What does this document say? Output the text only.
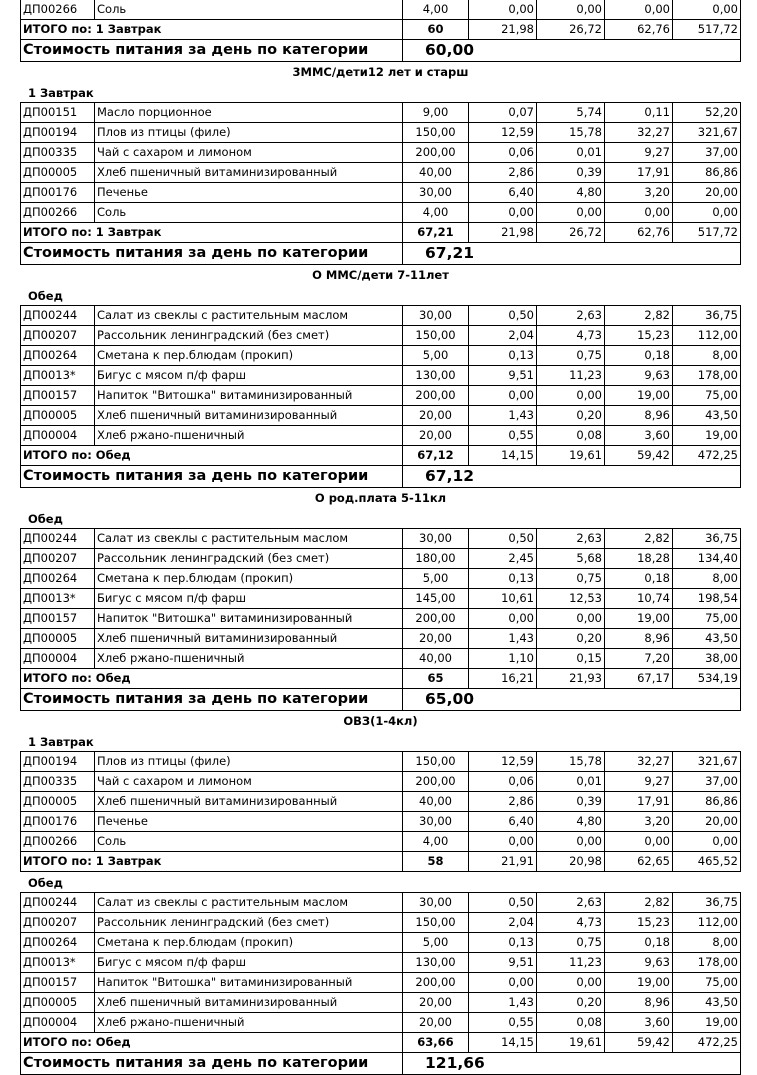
ДП00266	Соль	4,00	0,00	0,00	0,00	0,00
ИТОГО по: 1 Завтрак		60	21,98	26,72	62,76	517,72
Стоимость питания за день по категории		60,00				
3ММС/дети12 лет и старш
1 Завтрак
ДП00151	Масло порционное	9,00	0,07	5,74	0,11	52,20
ДП00194	Плов из птицы (филе)	150,00	12,59	15,78	32,27	321,67
ДП00335	Чай с сахаром и лимоном	200,00	0,06	0,01	9,27	37,00
ДП00005	Хлеб пшеничный витаминизированный	40,00	2,86	0,39	17,91	86,86
ДП00176	Печенье	30,00	6,40	4,80	3,20	20,00
ДП00266	Соль	4,00	0,00	0,00	0,00	0,00
ИТОГО по: 1 Завтрак		67,21	21,98	26,72	62,76	517,72
Стоимость питания за день по категории		67,21				
О ММС/дети 7-11лет
Обед
ДП00244	Салат из свеклы с растительным маслом	30,00	0,50	2,63	2,82	36,75
ДП00207	Рассольник ленинградский (без смет)	150,00	2,04	4,73	15,23	112,00
ДП00264	Сметана к пер.блюдам (прокип)	5,00	0,13	0,75	0,18	8,00
ДП0013*	Бигус с мясом п/ф фарш	130,00	9,51	11,23	9,63	178,00
ДП00157	Напиток "Витошка" витаминизированный	200,00	0,00	0,00	19,00	75,00
ДП00005	Хлеб пшеничный витаминизированный	20,00	1,43	0,20	8,96	43,50
ДП00004	Хлеб ржано-пшеничный	20,00	0,55	0,08	3,60	19,00
ИТОГО по: Обед		67,12	14,15	19,61	59,42	472,25
Стоимость питания за день по категории		67,12				
О род.плата 5-11кл
Обед
ДП00244	Салат из свеклы с растительным маслом	30,00	0,50	2,63	2,82	36,75
ДП00207	Рассольник ленинградский (без смет)	180,00	2,45	5,68	18,28	134,40
ДП00264	Сметана к пер.блюдам (прокип)	5,00	0,13	0,75	0,18	8,00
ДП0013*	Бигус с мясом п/ф фарш	145,00	10,61	12,53	10,74	198,54
ДП00157	Напиток "Витошка" витаминизированный	200,00	0,00	0,00	19,00	75,00
ДП00005	Хлеб пшеничный витаминизированный	20,00	1,43	0,20	8,96	43,50
ДП00004	Хлеб ржано-пшеничный	40,00	1,10	0,15	7,20	38,00
ИТОГО по: Обед		65	16,21	21,93	67,17	534,19
Стоимость питания за день по категории		65,00				
ОВЗ(1-4кл)
1 Завтрак
ДП00194	Плов из птицы (филе)	150,00	12,59	15,78	32,27	321,67
ДП00335	Чай с сахаром и лимоном	200,00	0,06	0,01	9,27	37,00
ДП00005	Хлеб пшеничный витаминизированный	40,00	2,86	0,39	17,91	86,86
ДП00176	Печенье	30,00	6,40	4,80	3,20	20,00
ДП00266	Соль	4,00	0,00	0,00	0,00	0,00
ИТОГО по: 1 Завтрак		58	21,91	20,98	62,65	465,52
Обед
ДП00244	Салат из свеклы с растительным маслом	30,00	0,50	2,63	2,82	36,75
ДП00207	Рассольник ленинградский (без смет)	150,00	2,04	4,73	15,23	112,00
ДП00264	Сметана к пер.блюдам (прокип)	5,00	0,13	0,75	0,18	8,00
ДП0013*	Бигус с мясом п/ф фарш	130,00	9,51	11,23	9,63	178,00
ДП00157	Напиток "Витошка" витаминизированный	200,00	0,00	0,00	19,00	75,00
ДП00005	Хлеб пшеничный витаминизированный	20,00	1,43	0,20	8,96	43,50
ДП00004	Хлеб ржано-пшеничный	20,00	0,55	0,08	3,60	19,00
ИТОГО по: Обед		63,66	14,15	19,61	59,42	472,25
Стоимость питания за день по категории		121,66				
